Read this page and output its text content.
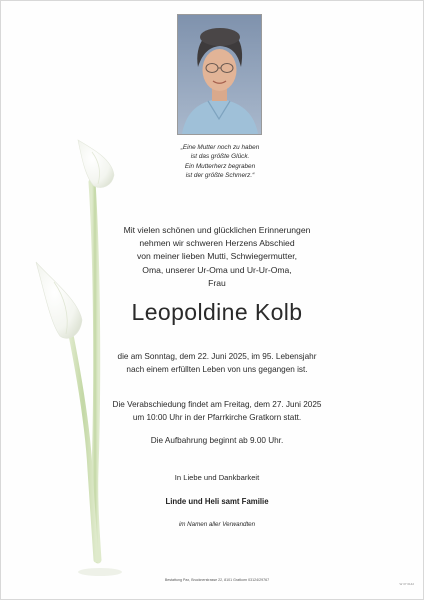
„Eine Mutter noch zu haben
ist das größte Glück.
Ein Mutterherz begraben
ist der größte Schmerz.“
Mit vielen schönen und glücklichen Erinnerungen
nehmen wir schweren Herzens Abschied
von meiner lieben Mutti, Schwiegermutter,
Oma, unserer Ur-Oma und Ur-Ur-Oma,
Frau
Leopoldine Kolb
die am Sonntag, dem 22. Juni 2025, im 95. Lebensjahr
nach einem erfüllten Leben von uns gegangen ist.
Die Verabschiedung findet am Freitag, dem 27. Juni 2025
um 10:00 Uhr in der Pfarrkirche Gratkorn statt.
Die Aufbahrung beginnt ab 9.00 Uhr.
In Liebe und Dankbarkeit
Linde und Heli samt Familie
im Namen aller Verwandten
Bestattung Pax, Brucknerstrasse 22, 8101 Gratkorn 03124/29767
W 37 0142
